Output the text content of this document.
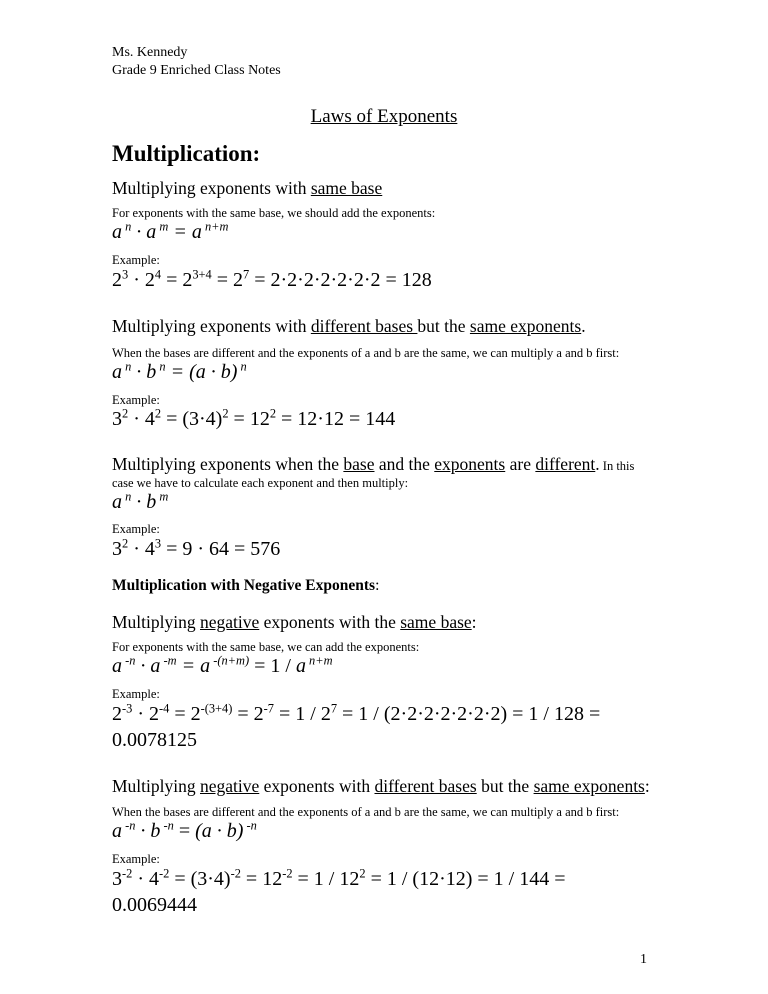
Ms. Kennedy
Grade 9 Enriched Class Notes
Laws of Exponents
Multiplication:
Multiplying exponents with same base
For exponents with the same base, we should add the exponents:
a $^n$ · a $^m$ = a $^{n+m}$
Example:
$2^3 \cdot 2^4 = 2^{3+4} = 2^7 = 2\cdot 2\cdot 2\cdot 2\cdot 2\cdot 2\cdot 2 = 128$
Multiplying exponents with different bases but the same exponents.
When the bases are different and the exponents of a and b are the same, we can multiply a and b first:
a $^n$ · b $^n$ = (a · b) $^n$
Example:
$3^2 \cdot 4^2 = (3\cdot 4)^2 = 12^2 = 12\cdot 12 = 144$
Multiplying exponents when the base and the exponents are different. In this
case we have to calculate each exponent and then multiply:
a $^n$ · b $^m$
Example:
$3^2 \cdot 4^3 = 9 \cdot 64 = 576$
Multiplication with Negative Exponents:
Multiplying negative exponents with the same base:
For exponents with the same base, we can add the exponents:
a $^{-n}$ · a $^{-m}$ = a $^{-(n+m)}$ = 1 / a $^{n+m}$
Example:
$2^{-3} \cdot 2^{-4} = 2^{-(3+4)} = 2^{-7} = 1 / 2^7 = 1 / (2\cdot 2\cdot 2\cdot 2\cdot 2\cdot 2\cdot 2) = 1 / 128$ =
0.0078125
Multiplying negative exponents with different bases but the same exponents:
When the bases are different and the exponents of a and b are the same, we can multiply a and b first:
a $^{-n}$ · b $^{-n}$ = (a · b) $^{-n}$
Example:
$3^{-2} \cdot 4^{-2} = (3\cdot 4)^{-2} = 12^{-2} = 1 / 12^2 = 1 / (12\cdot 12) = 1 / 144$ =
0.0069444
1
